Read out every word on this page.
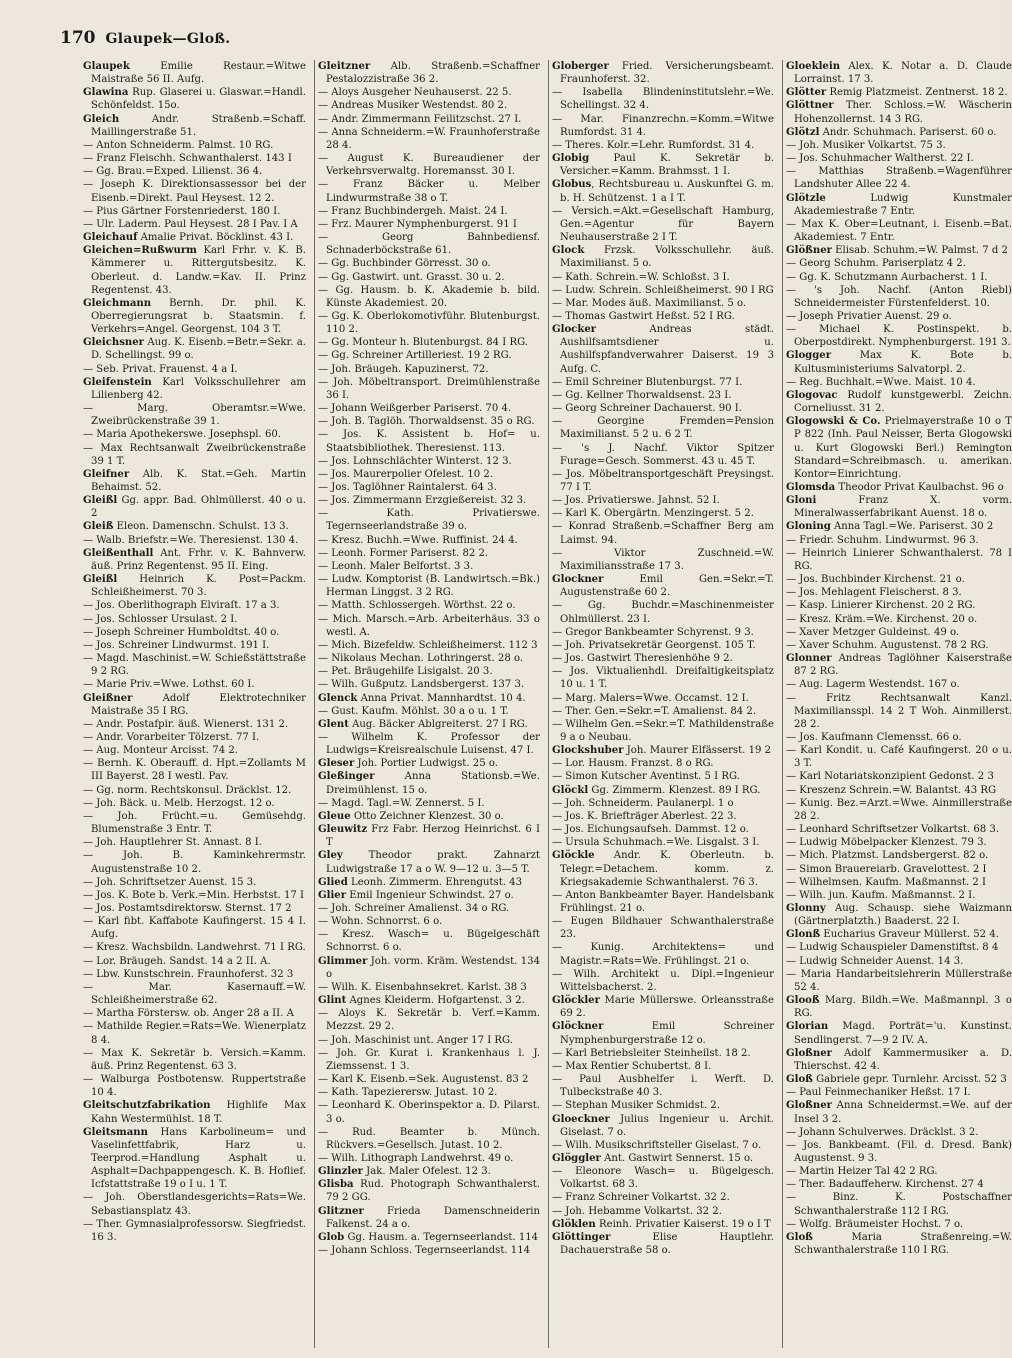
170 Glaupek—Gloß.

Glaupek Emilie Restaur.=Witwe Maistraße 56 II. Aufg.

Glawina Rup. Glaserei u. Glaswar.=Handl. Schönfeldst. 15o.

Gleich Andr. Straßenb.=Schaff. Maillingerstraße 51.

— Anton Schneiderm. Palmst. 10 RG.

— Franz Fleischh. Schwanthalerst. 143 I

— Gg. Brau.=Exped. Lilienst. 36 4.

— Joseph K. Direktionsassessor bei der Eisenb.=Direkt. Paul Heysest. 12 2.

— Pius Gärtner Forstenriederst. 180 I.

— Ulr. Laderm. Paul Heysest. 28 I Pav. I A

Gleichauf Amalie Privat. Böcklinst. 43 I.

Gleichen=Rußwurm Karl Frhr. v. K. B. Kämmerer u. Rittergutsbesitz. K. Oberleut. d. Landw.=Kav. II. Prinz Regentenst. 43.

Gleichmann Bernh. Dr. phil. K. Oberregierungsrat b. Staatsmin. f. Verkehrs=Angel. Georgenst. 104 3 T.

Gleichsner Aug. K. Eisenb.=Betr.=Sekr. a. D. Schellingst. 99 o.

— Seb. Privat. Frauenst. 4 a I.

Gleifenstein Karl Volksschullehrer am Lilienberg 42.

— Marg. Oberamtsr.=Wwe. Zweibrückenstraße 39 1.

— Maria Apothekerswe. Josephspl. 60.

— Max Rechtsanwalt Zweibrückenstraße 39 1 T.

Gleifner Alb. K. Stat.=Geh. Martin Behaimst. 52.

Gleißl Gg. appr. Bad. Ohlmüllerst. 40 o u. 2

Gleiß Eleon. Damenschn. Schulst. 13 3.

— Walb. Briefstr.=We. Theresienst. 130 4.

Gleißenthall Ant. Frhr. v. K. Bahnverw. äuß. Prinz Regentenst. 95 II. Eing.

Gleißl Heinrich K. Post=Packm. Schleißheimerst. 70 3.

— Jos. Oberlithograph Elviraſt. 17 a 3.

— Jos. Schlosser Ursulast. 2 I.

— Joseph Schreiner Humboldtst. 40 o.

— Jos. Schreiner Lindwurmst. 191 I.

— Magd. Maschinist.=W. Schießstättstraße 9 2 RG.

— Marie Priv.=Wwe. Lothst. 60 I.

Gleißner Adolf Elektrotechniker Maistraße 35 I RG.

— Andr. Postafpir. äuß. Wienerst. 131 2.

— Andr. Vorarbeiter Tölzerst. 77 I.

— Aug. Monteur Arcisst. 74 2.

— Bernh. K. Oberauff. d. Hpt.=Zollamts M III Bayerst. 28 I westl. Pav.

— Gg. norm. Rechtskonsul. Dräcklst. 12.

— Joh. Bäck. u. Melb. Herzogst. 12 o.

— Joh. Frücht.=u. Gemüsehdg. Blumenstraße 3 Entr. T.

— Joh. Hauptlehrer St. Annast. 8 I.

— Joh. B. Kaminkehrermstr. Augustenstraße 10 2.

— Joh. Schriftsetzer Auenst. 15 3.

— Jos. K. Bote b. Verk.=Min. Herbstst. 17 I

— Jos. Postamtsdirektorsw. Sternst. 17 2

— Karl fibt. Kaffabote Kaufingerst. 15 4 I. Aufg.

— Kresz. Wachsbildn. Landwehrst. 71 I RG.

— Lor. Bräugeh. Sandst. 14 a 2 II. A.

— Lbw. Kunstschrein. Fraunhoferst. 32 3

— Mar. Kasernauff.=W. Schleißheimerstraße 62.

— Martha Förstersw. ob. Anger 28 a II. A

— Mathilde Regier.=Rats=We. Wienerplatz 8 4.

— Max K. Sekretär b. Versich.=Kamm. äuß. Prinz Regentenst. 63 3.

— Walburga Postbotensw. Ruppertstraße 10 4.

Gleitschutzfabrikation Highlife Max Kahn Westermühlst. 18 T.

Gleitsmann Hans Karbolineum= und Vaselinfettfabrik, Harz u. Teerprod.=Handlung Asphalt u. Asphalt=Dachpappengesch. K. B. Hoflief. Icfstattstraße 19 o I u. 1 T.

— Joh. Oberstlandesgerichts=Rats=We. Sebastiansplatz 43.

— Ther. Gymnasialprofessorsw. Siegfriedst. 16 3.

Gleitzner Alb. Straßenb.=Schaffner Pestalozzistraße 36 2.

— Aloys Ausgeher Neuhauserst. 22 5.

— Andreas Musiker Westendst. 80 2.

— Andr. Zimmermann Feilitzschst. 27 I.

— Anna Schneiderm.=W. Fraunhoferstraße 28 4.

— August K. Bureaudiener der Verkehrsverwaltg. Horemansst. 30 I.

— Franz Bäcker u. Melber Lindwurmstraße 38 o T.

— Franz Buchbindergeh. Maist. 24 I.

— Frz. Maurer Nymphenburgerst. 91 I

— Georg Bahnbediensf. Schnaderböckstraße 61.

— Gg. Buchbinder Görresst. 30 o.

— Gg. Gastwirt. unt. Grasst. 30 u. 2.

— Gg. Hausm. b. K. Akademie b. bild. Künste Akademiest. 20.

— Gg. K. Oberlokomotivführ. Blutenburgst. 110 2.

— Gg. Monteur h. Blutenburgst. 84 I RG.

— Gg. Schreiner Artilleriest. 19 2 RG.

— Joh. Bräugeh. Kapuzinerst. 72.

— Joh. Möbeltransport. Dreimühlenstraße 36 I.

— Johann Weißgerber Pariserst. 70 4.

— Joh. B. Taglöh. Thorwaldsenst. 35 o RG.

— Jos. K. Assistent b. Hof= u. Staatsbibliothek. Theresienst. 113.

— Jos. Lohnschlächter Winterst. 12 3.

— Jos. Maurerpolier Ofelest. 10 2.

— Jos. Taglöhner Raintalerst. 64 3.

— Jos. Zimmermann Erzgießereist. 32 3.

— Kath. Privatierswe. Tegernseerlandstraße 39 o.

— Kresz. Buchh.=Wwe. Ruffinist. 24 4.

— Leonh. Former Pariserst. 82 2.

— Leonh. Maler Belfortst. 3 3.

— Ludw. Komptorist (B. Landwirtsch.=Bk.) Herman Linggst. 3 2 RG.

— Matth. Schlossergeh. Wörthst. 22 o.

— Mich. Marsch.=Arb. Arbeiterhäus. 33 o westl. A.

— Mich. Bizefeldw. Schleißheimerst. 112 3

— Nikolaus Mechan. Lothringerst. 28 o.

— Pet. Bräugehilfe Lisigalst. 20 3.

— Wilh. Gußputz. Landsbergerst. 137 3.

Glenck Anna Privat. Mannhardtst. 10 4.

— Gust. Kaufm. Möhlst. 30 a o u. 1 T.

Glent Aug. Bäcker Ablgreiterst. 27 I RG.

— Wilhelm K. Professor der Ludwigs=Kreisrealschule Luisenst. 47 I.

Gleser Joh. Portier Ludwigst. 25 o.

Gleßinger Anna Stationsb.=We. Dreimühlenst. 15 o.

— Magd. Tagl.=W. Zennerst. 5 I.

Gleue Otto Zeichner Klenzest. 30 o.

Gleuwitz Frz Fabr. Herzog Heinrichst. 6 I T

Gley Theodor prakt. Zahnarzt Ludwigstraße 17 a o W. 9—12 u. 3—5 T.

Glied Leonh. Zimmerm. Ehrengutst. 43

Glier Emil Ingenieur Schwindst. 27 o.

— Joh. Schreiner Amalienst. 34 o RG.

— Wohn. Schnorrst. 6 o.

— Kresz. Wasch= u. Bügelgeschäft Schnorrst. 6 o.

Glimmer Joh. vorm. Kräm. Westendst. 134 o

— Wilh. K. Eisenbahnsekret. Karlst. 38 3

Glint Agnes Kleiderm. Hofgartenst. 3 2.

— Aloys K. Sekretär b. Verf.=Kamm. Mezzst. 29 2.

— Joh. Maschinist unt. Anger 17 I RG.

— Joh. Gr. Kurat i. Krankenhaus l. J. Ziemssenst. 1 3.

— Karl K. Eisenb.=Sek. Augustenst. 83 2

— Kath. Tapezierersw. Jutast. 10 2.

— Leonhard K. Oberinspektor a. D. Pilarst. 3 o.

— Rud. Beamter b. Münch. Rückvers.=Gesellsch. Jutast. 10 2.

— Wilh. Lithograph Landwehrst. 49 o.

Glinzler Jak. Maler Ofelest. 12 3.

Glisba Rud. Photograph Schwanthalerst. 79 2 GG.

Glitzner Frieda Damenschneiderin Falkenst. 24 a o.

Glob Gg. Hausm. a. Tegernseerlandst. 114

— Johann Schloss. Tegernseerlandst. 114

Globerger Fried. Versicherungsbeamt. Fraunhoferst. 32.

— Isabella Blindeninstitutslehr.=We. Schellingst. 32 4.

— Mar. Finanzrechn.=Komm.=Witwe Rumfordst. 31 4.

— Theres. Kolr.=Lehr. Rumfordst. 31 4.

Globig Paul K. Sekretär b. Versicher.=Kamm. Brahmsst. 1 I.

Globus, Rechtsbureau u. Auskunftei G. m. b. H. Schützenst. 1 a I T.

— Versich.=Akt.=Gesellschaft Hamburg, Gen.=Agentur für Bayern Neuhauserstraße 2 I T.

Glock Frzsk. Volksschullehr. äuß. Maximilianst. 5 o.

— Kath. Schrein.=W. Schloßst. 3 I.

— Ludw. Schrein. Schleißheimerst. 90 I RG

— Mar. Modes äuß. Maximilianst. 5 o.

— Thomas Gastwirt Heßst. 52 I RG.

Glocker Andreas städt. Aushilfsamtsdiener u. Aushilfspfandverwahrer Daiserst. 19 3 Aufg. C.

— Emil Schreiner Blutenburgst. 77 I.

— Gg. Kellner Thorwaldsenst. 23 I.

— Georg Schreiner Dachauerst. 90 I.

— Georgine Fremden=Pension Maximilianst. 5 2 u. 6 2 T.

— 's J. Nachf. Viktor Spitzer Furage=Gesch. Sommerst. 43 u. 45 T.

— Jos. Möbeltransportgeschäft Preysingst. 77 I T.

— Jos. Privatierswe. Jahnst. 52 I.

— Karl K. Obergärtn. Menzingerst. 5 2.

— Konrad Straßenb.=Schaffner Berg am Laimst. 94.

— Viktor Zuschneid.=W. Maximiliansstraße 17 3.

Glockner Emil Gen.=Sekr.=T. Augustenstraße 60 2.

— Gg. Buchdr.=Maschinenmeister Ohlmüllerst. 23 I.

— Gregor Bankbeamter Schyrenst. 9 3.

— Joh. Privatsekretär Georgenst. 105 T.

— Jos. Gastwirt Theresienhöhe 9 2.

— Jos. Viktualienhdl. Dreifaltigkeitsplatz 10 u. 1 T.

— Marg. Malers=Wwe. Occamst. 12 I.

— Ther. Gen.=Sekr.=T. Amalienst. 84 2.

— Wilhelm Gen.=Sekr.=T. Mathildenstraße 9 a o Neubau.

Glockshuber Joh. Maurer Elfässerst. 19 2

— Lor. Hausm. Franzst. 8 o RG.

— Simon Kutscher Aventinst. 5 I RG.

Glöckl Gg. Zimmerm. Klenzest. 89 I RG.

— Joh. Schneiderm. Paulanerpl. 1 o

— Jos. K. Briefträger Aberlest. 22 3.

— Jos. Eichungsaufseh. Dammst. 12 o.

— Ursula Schuhmach.=We. Lisgalst. 3 I.

Glöckle Andr. K. Oberleutn. b. Telegr.=Detachem. komm. z. Kriegsakademie Schwanthalerst. 76 3.

— Anton Bankbeamter Bayer. Handelsbank Frühlingst. 21 o.

— Eugen Bildhauer Schwanthalerstraße 23.

— Kunig. Architektens= und Magistr.=Rats=We. Frühlingst. 21 o.

— Wilh. Architekt u. Dipl.=Ingenieur Wittelsbacherst. 2.

Glöckler Marie Müllerswe. Orleansstraße 69 2.

Glöckner Emil Schreiner Nymphenburgerstraße 12 o.

— Karl Betriebsleiter Steinheilst. 18 2.

— Max Rentier Schubertst. 8 I.

— Paul Ausbhelfer i. Werft. D. Tulbeckstraße 40 3.

— Stephan Musiker Schmidst. 2.

Gloeckner Julius Ingenieur u. Archit. Giselast. 7 o.

— Wilh. Musikschriftsteller Giselast. 7 o.

Glöggler Ant. Gastwirt Sennerst. 15 o.

— Eleonore Wasch= u. Bügelgesch. Volkartst. 68 3.

— Franz Schreiner Volkartst. 32 2.

— Joh. Hebamme Volkartst. 32 2.

Glöklen Reinh. Privatier Kaiserst. 19 o I T

Glöttinger Elise Hauptlehr. Dachauerstraße 58 o.

Gloeklein Alex. K. Notar a. D. Claude Lorrainst. 17 3.

Glötter Remig Platzmeist. Zentnerst. 18 2.

Glöttner Ther. Schloss.=W. Wäscherin Hohenzollernst. 14 3 RG.

Glötzl Andr. Schuhmach. Pariserst. 60 o.

— Joh. Musiker Volkartst. 75 3.

— Jos. Schuhmacher Waltherst. 22 I.

— Matthias Straßenb.=Wagenführer Landshuter Allee 22 4.

Glötzle Ludwig Kunstmaler Akademiestraße 7 Entr.

— Max K. Ober=Leutnant, i. Eisenb.=Bat. Akademiest. 7 Entr.

Glößner Elisab. Schuhm.=W. Palmst. 7 d 2

— Georg Schuhm. Pariserplatz 4 2.

— Gg. K. Schutzmann Aurbacherst. 1 I.

— 's Joh. Nachf. (Anton Riebl) Schneidermeister Fürstenfelderst. 10.

— Joseph Privatier Auenst. 29 o.

— Michael K. Postinspekt. b. Oberpostdirekt. Nymphenburgerst. 191 3.

Glogger Max K. Bote b. Kultusministeriums Salvatorpl. 2.

— Reg. Buchhalt.=Wwe. Maist. 10 4.

Glogovac Rudolf kunstgewerbl. Zeichn. Corneliusst. 31 2.

Glogowski & Co. Prielmayerstraße 10 o T P 822 (Inh. Paul Neisser, Berta Glogowski u. Kurt Glogowski Berl.) Remington Standard=Schreibmasch. u. amerikan. Kontor=Einrichtung.

Glomsda Theodor Privat Kaulbachst. 96 o

Gloni Franz X. vorm. Mineralwasserfabrikant Auenst. 18 o.

Gloning Anna Tagl.=We. Pariserst. 30 2

— Friedr. Schuhm. Lindwurmst. 96 3.

— Heinrich Linierer Schwanthalerst. 78 I RG.

— Jos. Buchbinder Kirchenst. 21 o.

— Jos. Mehlagent Fleischerst. 8 3.

— Kasp. Linierer Kirchenst. 20 2 RG.

— Kresz. Kräm.=We. Kirchenst. 20 o.

— Xaver Metzger Guldeinst. 49 o.

— Xaver Schuhm. Augustenst. 78 2 RG.

Glonner Andreas Taglöhner Kaiserstraße 87 2 RG.

— Aug. Lagerm Westendst. 167 o.

— Fritz Rechtsanwalt Kanzl. Maximiliansspl. 14 2 T Woh. Ainmillerst. 28 2.

— Jos. Kaufmann Clemensst. 66 o.

— Karl Kondit. u. Café Kaufingerst. 20 o u. 3 T.

— Karl Notariatskonzipient Gedonst. 2 3

— Kreszenz Schrein.=W. Balantst. 43 RG

— Kunig. Bez.=Arzt.=Wwe. Ainmillerstraße 28 2.

— Leonhard Schriftsetzer Volkartst. 68 3.

— Ludwig Möbelpacker Klenzest. 79 3.

— Mich. Platzmst. Landsbergerst. 82 o.

— Simon Brauereiarb. Gravelottest. 2 I

— Wilhelmsen. Kaufm. Maßmannst. 2 I

— Wilh. jun. Kaufm. Maßmannst. 2 I.

Glonny Aug. Schausp. siehe Waizmann (Gärtnerplatzth.) Baaderst. 22 I.

Glonß Eucharius Graveur Müllerst. 52 4.

— Ludwig Schauspieler Damenstiftst. 8 4

— Ludwig Schneider Auenst. 14 3.

— Maria Handarbeitslehrerin Müllerstraße 52 4.

Glooß Marg. Bildh.=We. Maßmannpl. 3 o RG.

Glorian Magd. Porträt='u. Kunstinst. Sendlingerst. 7—9 2 IV. A.

Gloßner Adolf Kammermusiker a. D. Thierschst. 42 4.

Gloß Gabriele gepr. Turnlehr. Arcisst. 52 3

— Paul Feinmechaniker Heßst. 17 I.

Gloßner Anna Schneidermst.=We. auf der Insel 3 2.

— Johann Schulverwes. Dräcklst. 3 2.

— Jos. Bankbeamt. (Fil. d. Dresd. Bank) Augustenst. 9 3.

— Martin Heizer Tal 42 2 RG.

— Ther. Badauffeherw. Kirchenst. 27 4

— Binz. K. Postschaffner Schwanthalerstraße 112 I RG.

— Wolfg. Bräumeister Hochst. 7 o.

Gloß Maria Straßenreing.=W. Schwanthalerstraße 110 I RG.
